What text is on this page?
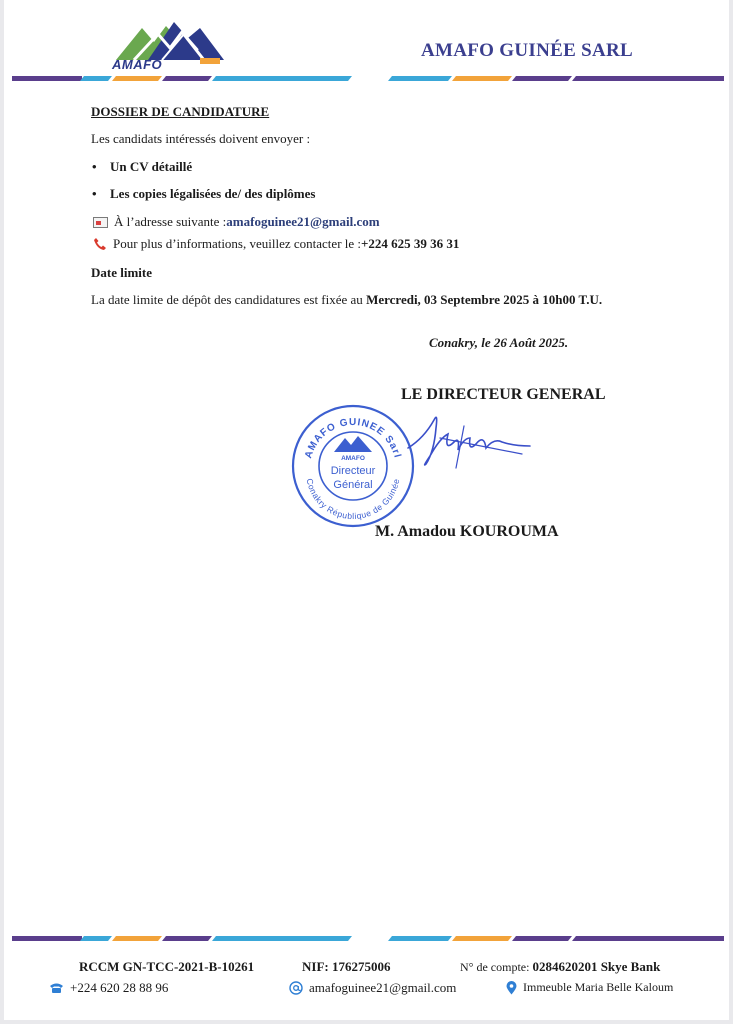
AMAFO
AMAFO GUINÉE SARL
DOSSIER DE CANDIDATURE
Les candidats intéressés doivent envoyer :
• Un CV détaillé
• Les copies légalisées de/ des diplômes
À l’adresse suivante : amafoguinee21@gmail.com
Pour plus d’informations, veuillez contacter le : +224 625 39 36 31
Date limite
La date limite de dépôt des candidatures est fixée au Mercredi, 03 Septembre 2025 à 10h00 T.U.
Conakry, le 26 Août 2025.
LE DIRECTEUR GENERAL
AMAFO GUINEE Sarl
Conakry République de Guinée
AMAFO
Directeur
Général
M. Amadou KOUROUMA
RCCM GN-TCC-2021-B-10261	NIF: 176275006	N° de compte: 0284620201 Skye Bank
+224 620 28 88 96	amafoguinee21@gmail.com	Immeuble Maria Belle Kaloum
